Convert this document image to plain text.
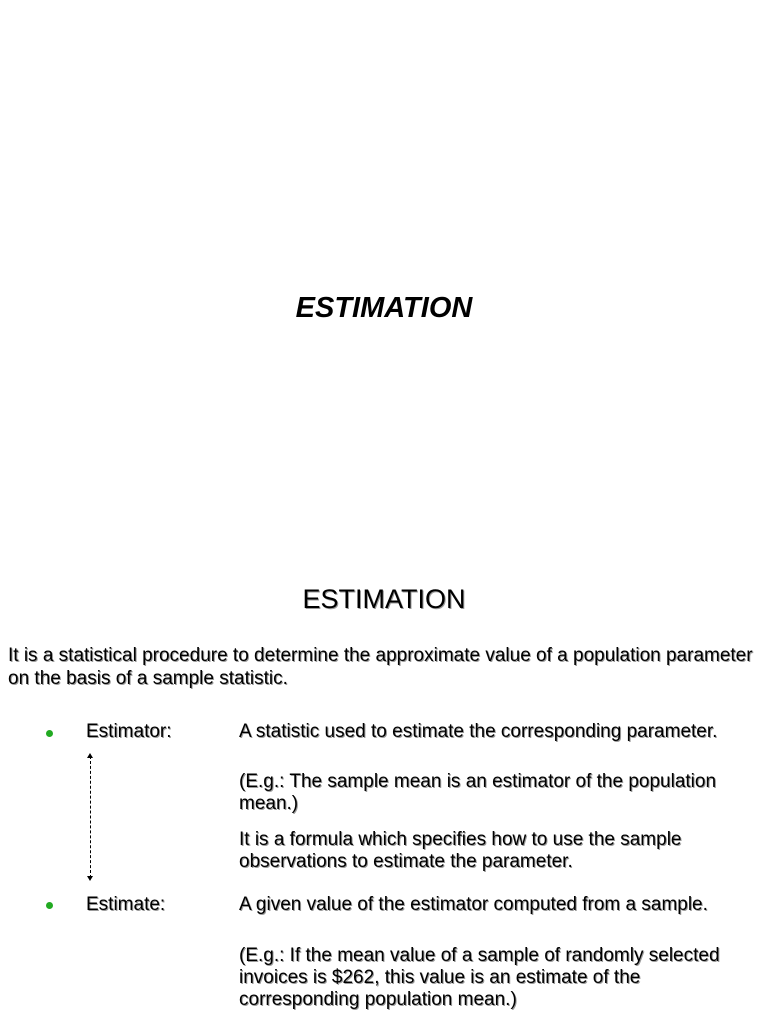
ESTIMATION
ESTIMATION
It is a statistical procedure to determine the approximate value of a population parameter on the basis of a sample statistic.
Estimator:	A statistic used to estimate the corresponding parameter.
(E.g.: The sample mean is an estimator of the population mean.)
It is a formula which specifies how to use the sample observations to estimate the parameter.
Estimate:	A given value of the estimator computed from a sample.
(E.g.: If the mean value of a sample of randomly selected invoices is $262, this value is an estimate of the corresponding population mean.)
